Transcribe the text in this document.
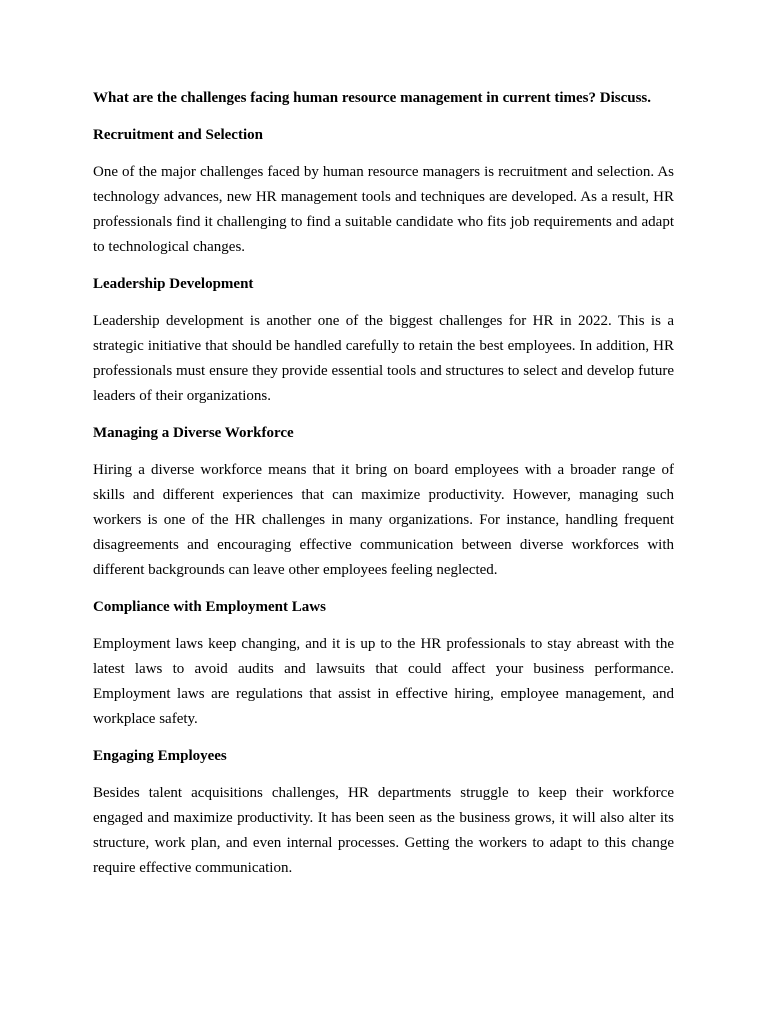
What are the challenges facing human resource management in current times? Discuss.

Recruitment and Selection

One of the major challenges faced by human resource managers is recruitment and selection. As technology advances, new HR management tools and techniques are developed. As a result, HR professionals find it challenging to find a suitable candidate who fits job requirements and adapt to technological changes.

Leadership Development

Leadership development is another one of the biggest challenges for HR in 2022. This is a strategic initiative that should be handled carefully to retain the best employees. In addition, HR professionals must ensure they provide essential tools and structures to select and develop future leaders of their organizations.

Managing a Diverse Workforce

Hiring a diverse workforce means that it bring on board employees with a broader range of skills and different experiences that can maximize productivity. However, managing such workers is one of the HR challenges in many organizations. For instance, handling frequent disagreements and encouraging effective communication between diverse workforces with different backgrounds can leave other employees feeling neglected.

Compliance with Employment Laws

Employment laws keep changing, and it is up to the HR professionals to stay abreast with the latest laws to avoid audits and lawsuits that could affect your business performance. Employment laws are regulations that assist in effective hiring, employee management, and workplace safety.

Engaging Employees

Besides talent acquisitions challenges, HR departments struggle to keep their workforce engaged and maximize productivity. It has been seen as the business grows, it will also alter its structure, work plan, and even internal processes. Getting the workers to adapt to this change require effective communication.
